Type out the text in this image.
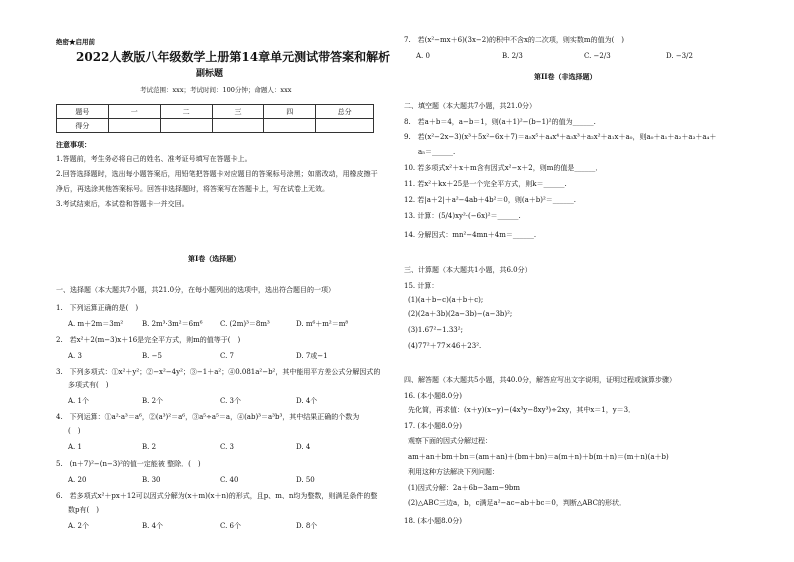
绝密★启用前
2022人教版八年级数学上册第14章单元测试带答案和解析
副标题
考试范围：xxx；考试时间：100分钟；命题人：xxx
题号	一	二	三	四	总分
得分					
注意事项：
1.答题前，考生务必将自己的姓名、准考证号填写在答题卡上。
2.回答选择题时，选出每小题答案后，用铅笔把答题卡对应题目的答案标号涂黑；如需改动，用橡皮擦干
净后，再选涂其他答案标号。回答非选择题时，将答案写在答题卡上，写在试卷上无效。
3.考试结束后，本试卷和答题卡一并交回。
第I卷（选择题）
一、选择题（本大题共7小题，共21.0分，在每小题列出的选项中，选出符合题目的一项）
1.　下列运算正确的是(　)
A. m＋2m＝3m²	B. 2m³·3m²＝6m⁶ C. (2m)³＝8m³	D. m⁶＋m²＝m⁸
2.　若x²＋2(m−3)x＋16是完全平方式，则m的值等于(　)
A. 3	B. −5	C. 7	D. 7或−1
3.　下列多项式：①x²＋y²；②−x²−4y²；③−1＋a²；④0.081a²−b²，其中能用平方差公式分解因式的
多项式有(　)
A. 1个	B. 2个	C. 3个	D. 4个
4.　下列运算：①a²·a³＝a⁶，②(a³)²＝a⁶，③a⁵÷a⁵＝a，④(ab)³＝a³b³，其中结果正确的个数为
(　)
A. 1	B. 2	C. 3	D. 4
5.　(n＋7)²−(n−3)²的值一定能被 整除．(　)
A. 20	B. 30	C. 40	D. 50
6.　若多项式x²＋px＋12可以因式分解为(x＋m)(x＋n)的形式，且p、m、n均为整数，则满足条件的整
数p有(　)
A. 2个	B. 4个	C. 6个	D. 8个
7.　若(x²−mx＋6)(3x−2)的积中不含x的二次项，则实数m的值为(　)
A. 0	B. 2/3	C. −2/3	D. −3/2
第II卷（非选择题）
二、填空题（本大题共7小题，共21.0分）
8.　若a＋b＝4，a−b＝1，则(a＋1)²−(b−1)²的值为______.
9.　若(x²−2x−3)(x³＋5x²−6x＋7)＝a₅x⁵＋a₄x⁴＋a₃x³＋a₂x²＋a₁x＋a₀，则a₀＋a₁＋a₂＋a₃＋a₄＋
　　a₅＝______.
10. 若多项式x²＋x＋m含有因式x²−x＋2，则m的值是______．
11. 若x²＋kx＋25是一个完全平方式，则k＝______.
12. 若|a＋2|＋a²−4ab＋4b²＝0，则(a＋b)²＝______.
13. 计算：(5/4)xy²·(−6x)²＝______.
14. 分解因式：mn²−4mn＋4m＝______.
三、计算题（本大题共1小题，共6.0分）
15. 计算：
(1)(a＋b−c)(a＋b＋c);
(2)(2a＋3b)(2a−3b)−(a−3b)²;
(3)1.67²−1.33²;
(4)77²＋77×46＋23².
四、解答题（本大题共5小题，共40.0分，解答应写出文字说明，证明过程或演算步骤）
16. (本小题8.0分)
先化简，再求值：(x＋y)(x−y)−(4x³y−8xy³)÷2xy，其中x＝1，y＝3．
17. (本小题8.0分)
观察下面的因式分解过程：
am＋an＋bm＋bn＝(am＋an)＋(bm＋bn)＝a(m＋n)＋b(m＋n)＝(m＋n)(a＋b)
利用这种方法解决下列问题：
(1)因式分解：2a＋6b−3am−9bm
(2)△ABC三边a，b，c满足a²−ac−ab＋bc＝0，判断△ABC的形状．
18. (本小题8.0分)
